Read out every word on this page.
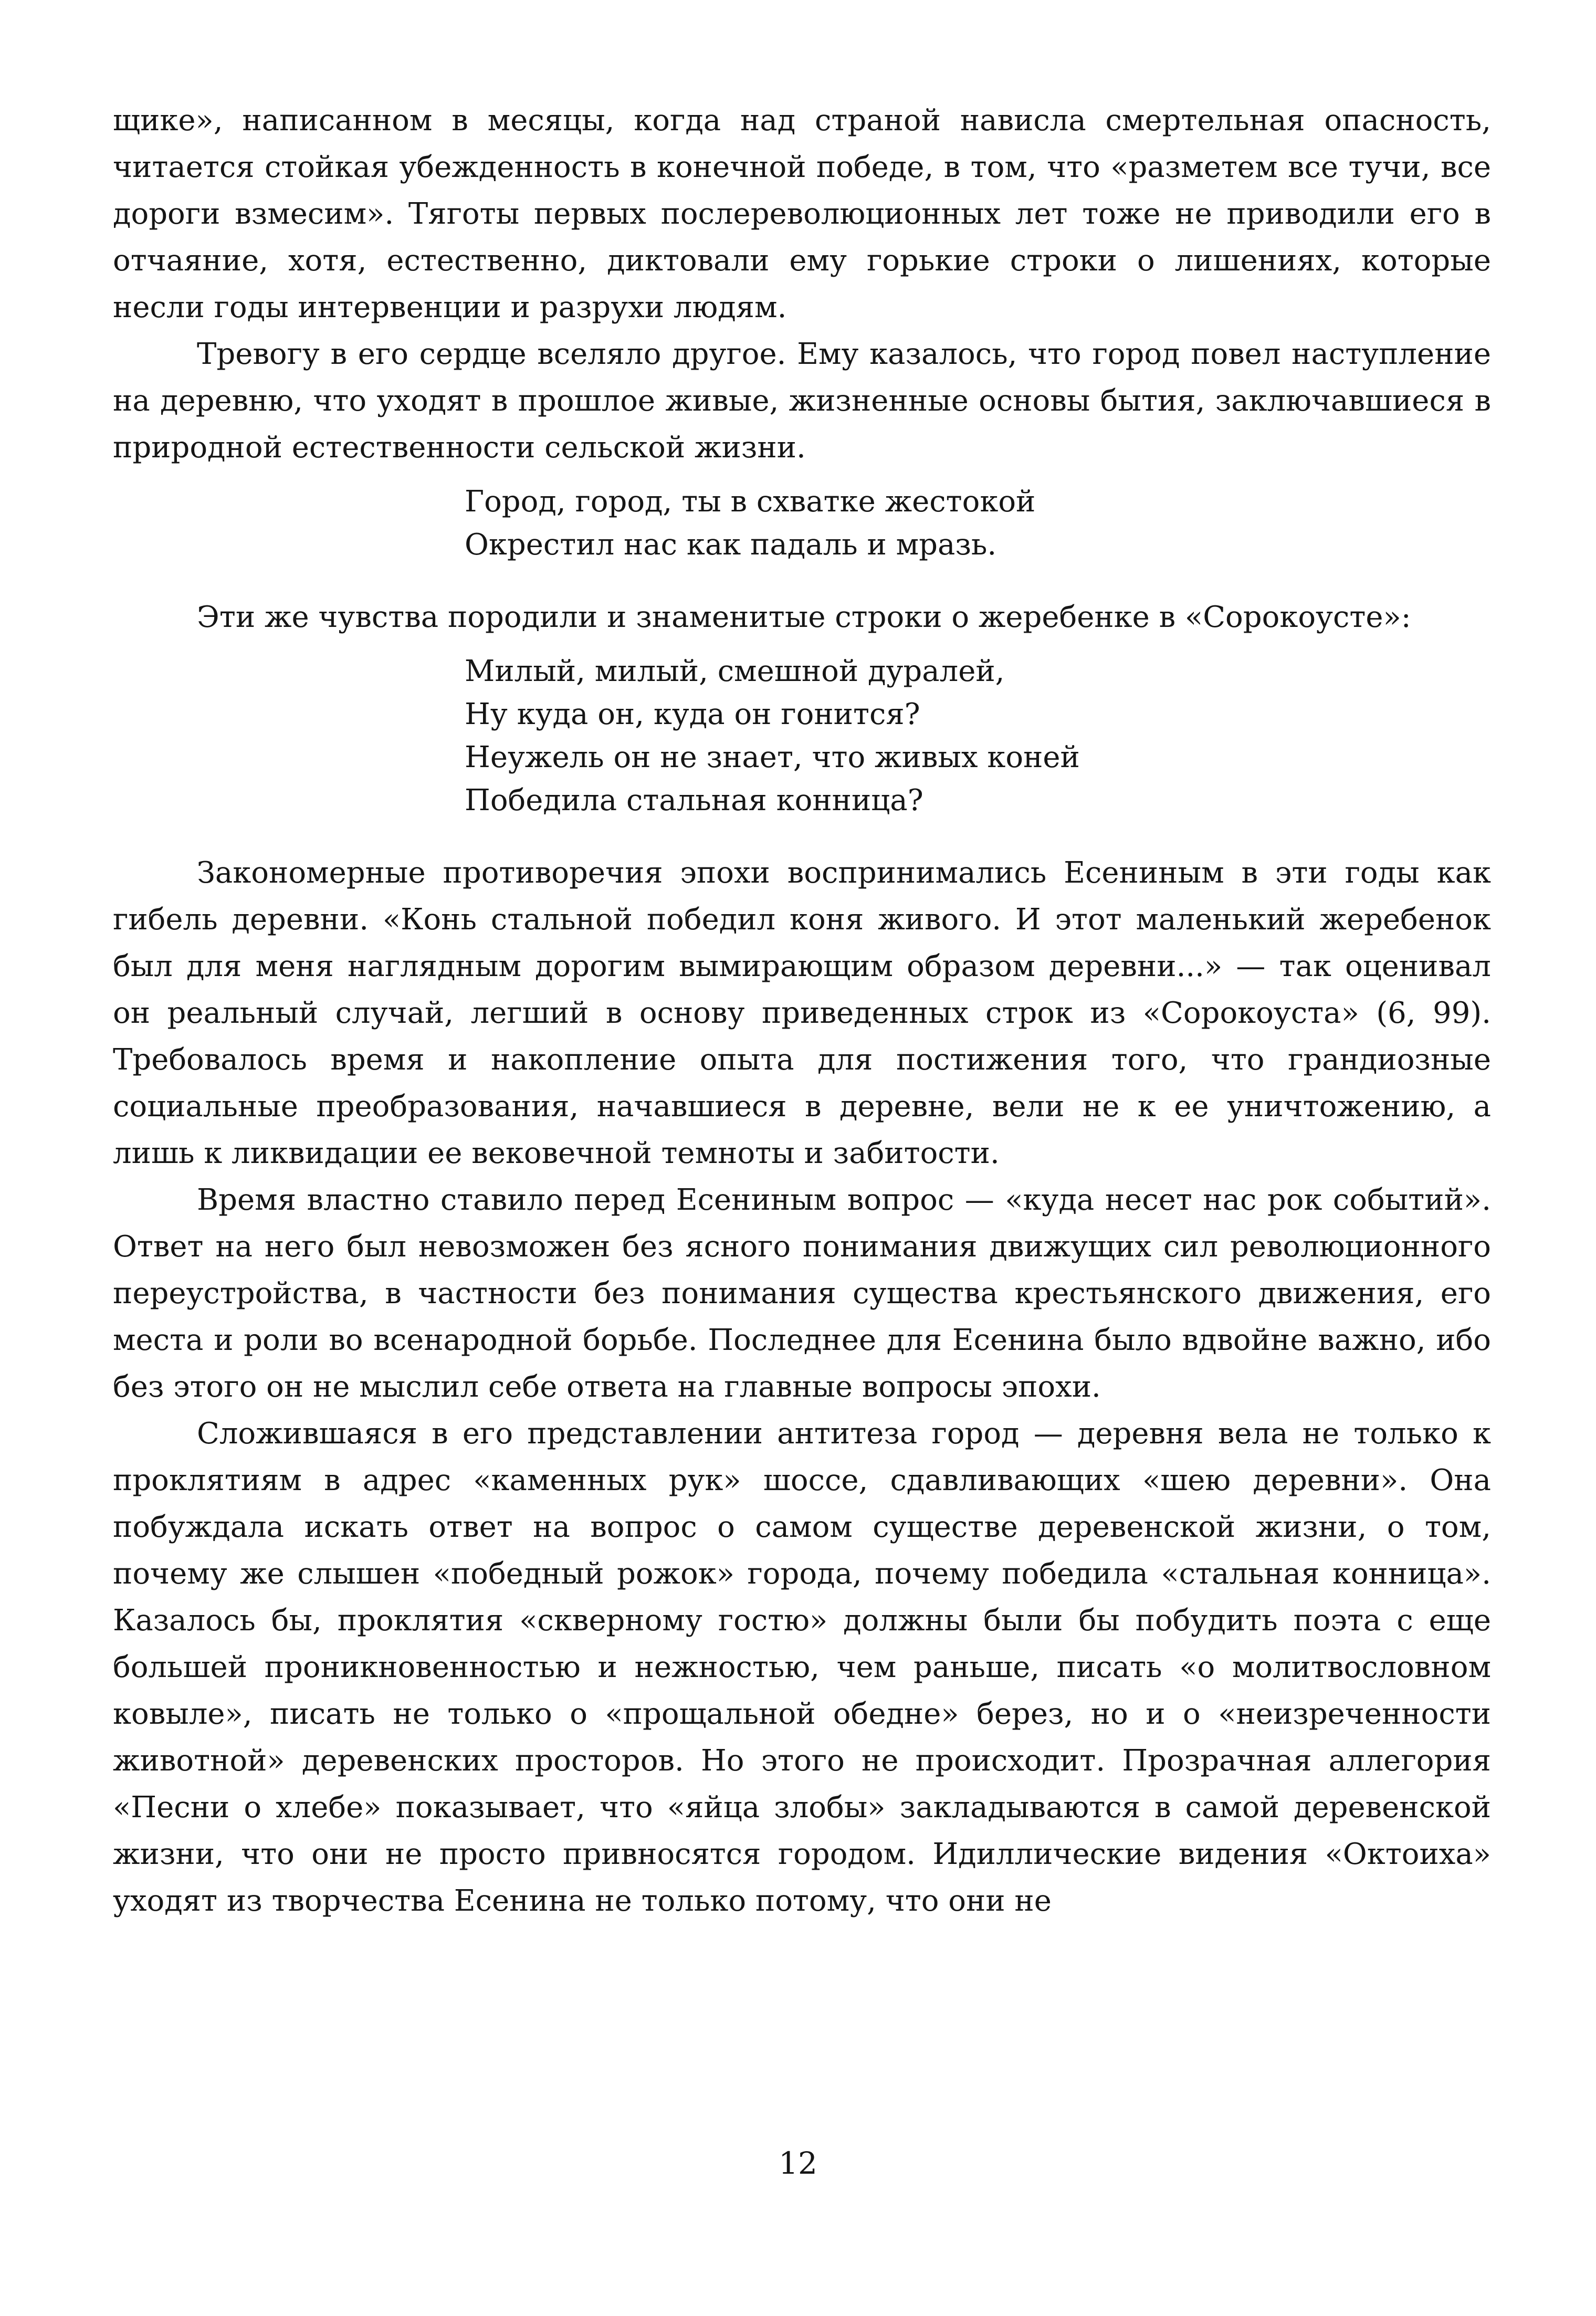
щике», написанном в месяцы, когда над страной нависла смертельная опасность, читается стойкая убежденность в конечной победе, в том, что «разметем все тучи, все дороги взмесим». Тяготы первых послереволюционных лет тоже не приводили его в отчаяние, хотя, естественно, диктовали ему горькие строки о лишениях, которые несли годы интервенции и разрухи людям.

Тревогу в его сердце вселяло другое. Ему казалось, что город повел наступление на деревню, что уходят в прошлое живые, жизненные основы бытия, заключавшиеся в природной естественности сельской жизни.

Город, город, ты в схватке жестокой
Окрестил нас как падаль и мразь.

Эти же чувства породили и знаменитые строки о жеребенке в «Сорокоусте»:

Милый, милый, смешной дуралей,
Ну куда он, куда он гонится?
Неужель он не знает, что живых коней
Победила стальная конница?

Закономерные противоречия эпохи воспринимались Есениным в эти годы как гибель деревни. «Конь стальной победил коня живого. И этот маленький жеребенок был для меня наглядным дорогим вымирающим образом деревни...» — так оценивал он реальный случай, легший в основу приведенных строк из «Сорокоуста» (6, 99). Требовалось время и накопление опыта для постижения того, что грандиозные социальные преобразования, начавшиеся в деревне, вели не к ее уничтожению, а лишь к ликвидации ее вековечной темноты и забитости.

Время властно ставило перед Есениным вопрос — «куда несет нас рок событий». Ответ на него был невозможен без ясного понимания движущих сил революционного переустройства, в частности без понимания существа крестьянского движения, его места и роли во всенародной борьбе. Последнее для Есенина было вдвойне важно, ибо без этого он не мыслил себе ответа на главные вопросы эпохи.

Сложившаяся в его представлении антитеза город — деревня вела не только к проклятиям в адрес «каменных рук» шоссе, сдавливающих «шею деревни». Она побуждала искать ответ на вопрос о самом существе деревенской жизни, о том, почему же слышен «победный рожок» города, почему победила «стальная конница». Казалось бы, проклятия «скверному гостю» должны были бы побудить поэта с еще большей проникновенностью и нежностью, чем раньше, писать «о молитвословном ковыле», писать не только о «прощальной обедне» берез, но и о «неизреченности животной» деревенских просторов. Но этого не происходит. Прозрачная аллегория «Песни о хлебе» показывает, что «яйца злобы» закладываются в самой деревенской жизни, что они не просто привносятся городом. Идиллические видения «Октоиха» уходят из творчества Есенина не только потому, что они не

12
